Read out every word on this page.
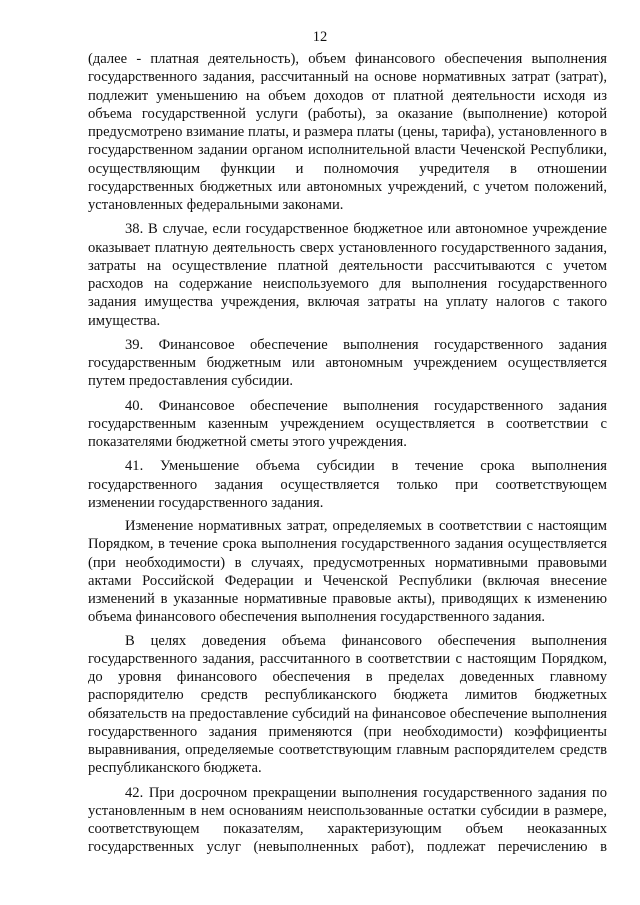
12

(далее - платная деятельность), объем финансового обеспечения выполнения государственного задания, рассчитанный на основе нормативных затрат (затрат), подлежит уменьшению на объем доходов от платной деятельности исходя из объема государственной услуги (работы), за оказание (выполнение) которой предусмотрено взимание платы, и размера платы (цены, тарифа), установленного в государственном задании органом исполнительной власти Чеченской Республики, осуществляющим функции и полномочия учредителя в отношении государственных бюджетных или автономных учреждений, с учетом положений, установленных федеральными законами.

38. В случае, если государственное бюджетное или автономное учреждение оказывает платную деятельность сверх установленного государственного задания, затраты на осуществление платной деятельности рассчитываются с учетом расходов на содержание неиспользуемого для выполнения государственного задания имущества учреждения, включая затраты на уплату налогов с такого имущества.

39. Финансовое обеспечение выполнения государственного задания государственным бюджетным или автономным учреждением осуществляется путем предоставления субсидии.

40. Финансовое обеспечение выполнения государственного задания государственным казенным учреждением осуществляется в соответствии с показателями бюджетной сметы этого учреждения.

41. Уменьшение объема субсидии в течение срока выполнения государственного задания осуществляется только при соответствующем изменении государственного задания.

Изменение нормативных затрат, определяемых в соответствии с настоящим Порядком, в течение срока выполнения государственного задания осуществляется (при необходимости) в случаях, предусмотренных нормативными правовыми актами Российской Федерации и Чеченской Республики (включая внесение изменений в указанные нормативные правовые акты), приводящих к изменению объема финансового обеспечения выполнения государственного задания.

В целях доведения объема финансового обеспечения выполнения государственного задания, рассчитанного в соответствии с настоящим Порядком, до уровня финансового обеспечения в пределах доведенных главному распорядителю средств республиканского бюджета лимитов бюджетных обязательств на предоставление субсидий на финансовое обеспечение выполнения государственного задания применяются (при необходимости) коэффициенты выравнивания, определяемые соответствующим главным распорядителем средств республиканского бюджета.

42. При досрочном прекращении выполнения государственного задания по установленным в нем основаниям неиспользованные остатки субсидии в размере, соответствующем показателям, характеризующим объем неоказанных государственных услуг (невыполненных работ), подлежат перечислению в
